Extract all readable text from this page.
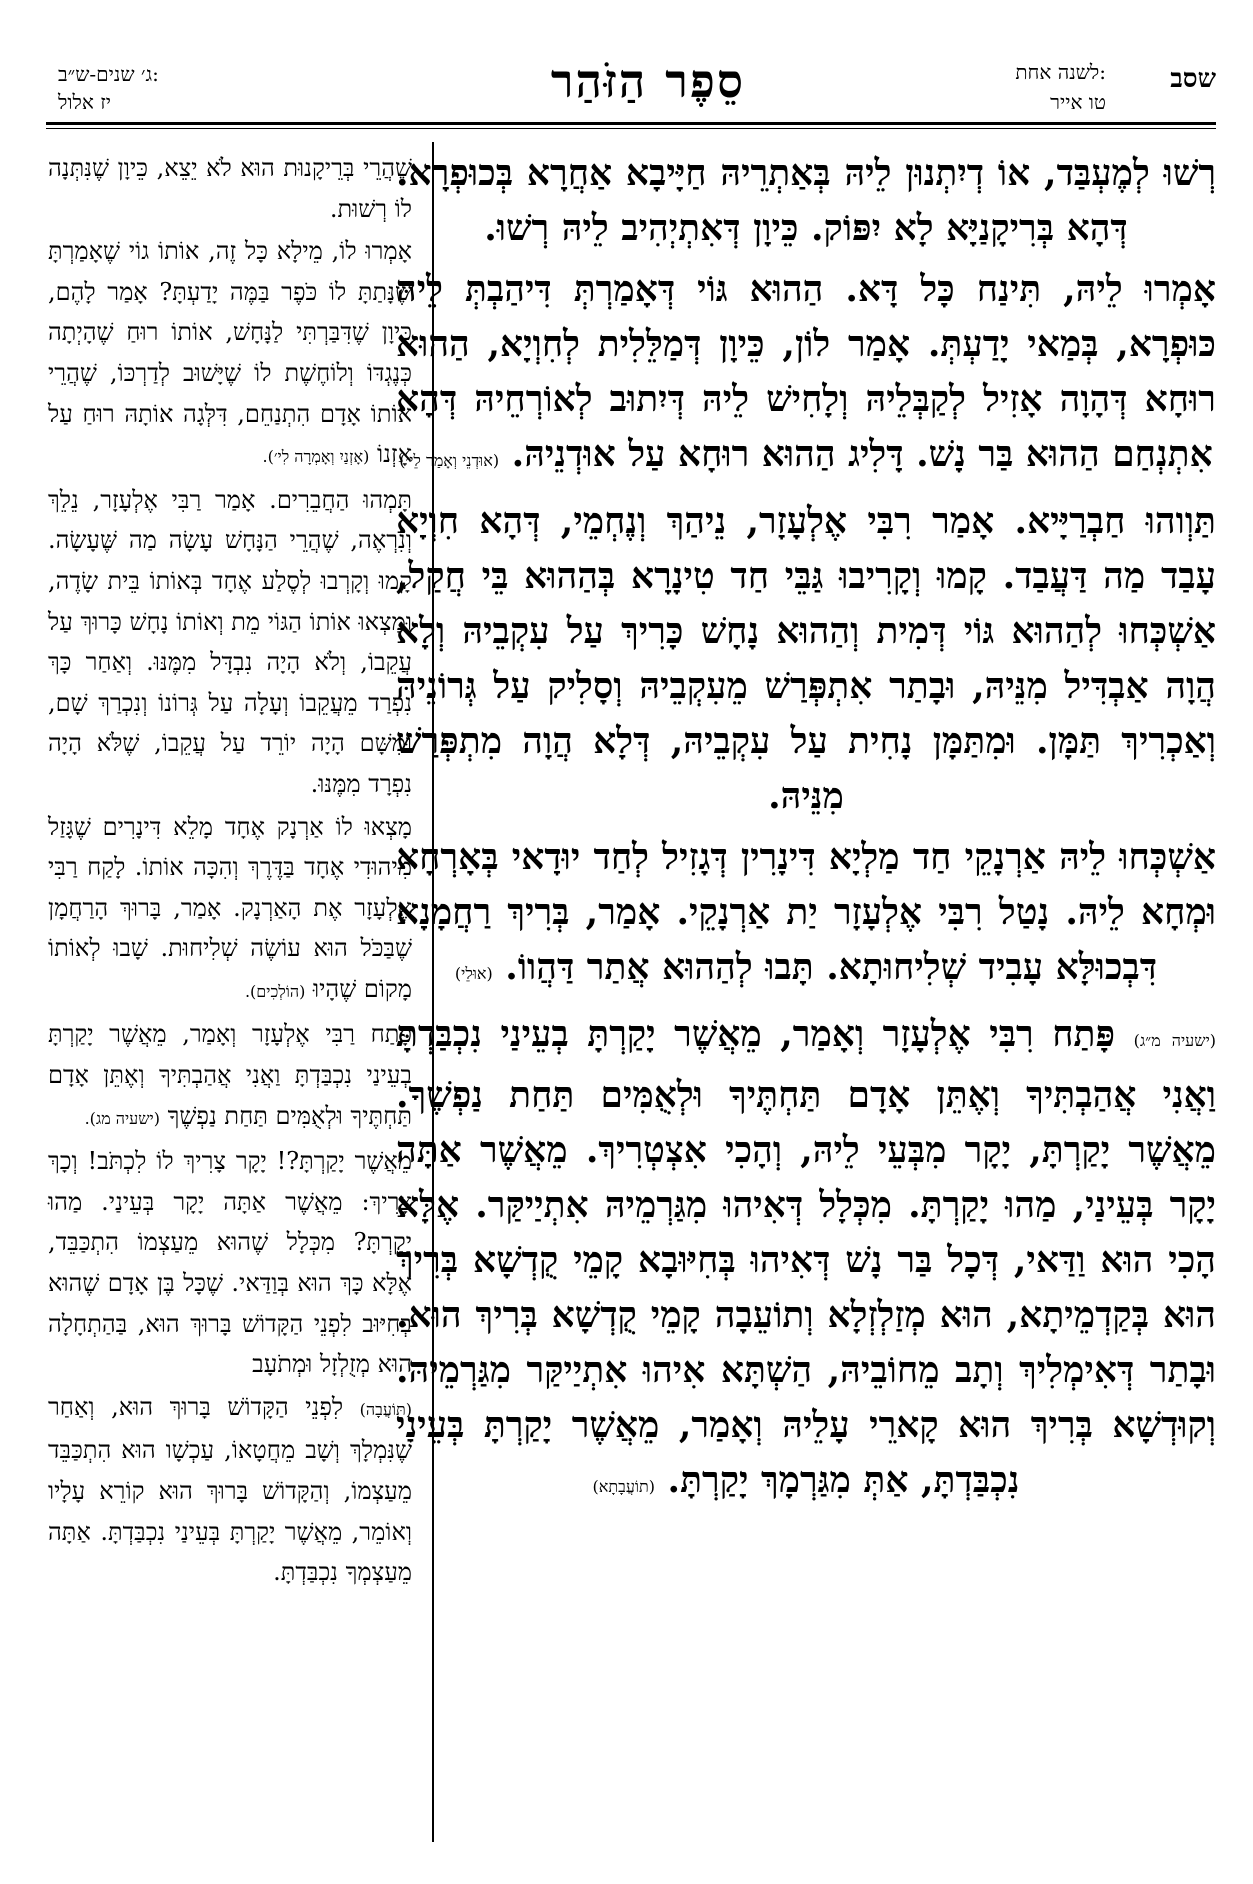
שסב
לשנה אחת:
טו אייר
סֵפֶר הַזֹּהַר
ג׳ שנים-ש״ב:
יז אלול

רְשׁוּ לְמֶעְבַּד, אוֹ דְיִתְנוּן לֵיהּ בְּאַתְרֵיהּ חַיָּיבָא אַחֲרָא בְּכוּפְרָא. דְּהָא בְּרִיקָנַיָּא לָא יִפּוֹק. כֵּיוָן דְּאִתְיְהִיב לֵיהּ רְשׁוּ.

אָמְרוּ לֵיהּ, תִּינַח כָּל דָּא. הַהוּא גּוֹי דְּאָמַרְתְּ דִּיהַבְתְּ לֵיהּ כּוּפְרָא, בְּמַאי יָדַעְתְּ. אָמַר לוֹן, כֵּיוָן דְּמַלֵּלִית לְחִוְיָא, הַהוּא רוּחָא דְּהָוָה אָזִיל לְקַבְּלֵיהּ וְלָחִישׁ לֵיהּ דְּיִתוּב לְאוֹרְחֵיהּ דְּהָא אִתְנְחַם הַהוּא בַּר נָשׁ. דָּלִיג הַהוּא רוּחָא עַל אוּדְנֵיהּ. (אוּדְנֵי וְאָמַר לֵי׳)

תַּוְוהוּ חַבְרַיָּיא. אָמַר רִבִּי אֶלְעָזָר, נֵיהַךְ וְנֶחְמֵי, דְּהָא חִוְיָא עָבַד מַה דַּעֲבַד. קָמוּ וְקָרִיבוּ גַּבֵּי חַד טִינָרָא בְּהַהוּא בֵּי חֲקַל, אַשְׁכְּחוּ לְהַהוּא גּוֹי דְּמִית וְהַהוּא נָחָשׁ כָּרִיךְ עַל עִקְבֵיהּ וְלָא הֲוָה אַבְדִּיל מִנֵּיהּ, וּבָתַר אִתְפְּרַשׁ מֵעִקְבֵיהּ וְסָלִיק עַל גְּרוֹנֵיהּ וְאַכְרִיךְ תַּמָּן. וּמִתַּמָּן נָחִית עַל עִקְבֵיהּ, דְּלָא הֲוָה מִתְפְּרַשׁ מִנֵּיהּ.

אַשְׁכְּחוּ לֵיהּ אַרְנָקֵי חַד מַלְיָא דִּינָרִין דְּגָזִיל לְחַד יוּדָאי בְּאָרְחָא וּמְחָא לֵיהּ. נָטַל רִבִּי אֶלְעָזָר יַת אַרְנָקֵי. אָמַר, בְּרִיךְ רַחֲמָנָא דִּבְכוּלָּא עָבִיד שְׁלִיחוּתָא. תָּבוּ לְהַהוּא אֲתַר דַּהֲווֹ. (אוּלֵי)

(ישעיה מ״ג) פָּתַח רִבִּי אֶלְעָזָר וְאָמַר, מֵאֲשֶׁר יָקַרְתָּ בְעֵינַי נִכְבַּדְתָּ וַאֲנִי אֲהַבְתִּיךָ וְאֶתֵּן אָדָם תַּחְתֶּיךָ וּלְאֻמִּים תַּחַת נַפְשֶׁךָ. מֵאֲשֶׁר יָקַרְתָּ, יָקָר מִבְּעֵי לֵיהּ, וְהָכִי אִצְטְרִיךְ. מֵאֲשֶׁר אַתָּה יָקָר בְּעֵינַי, מַהוּ יָקַרְתָּ. מִכְּלָל דְּאִיהוּ מִגַּרְמֵיהּ אִתְיַיקַּר. אֶלָּא הָכִי הוּא וַדַּאי, דְּכָל בַּר נָשׁ דְּאִיהוּ בְּחִיּוּבָא קָמֵי קֻדְשָׁא בְּרִיךְ הוּא בְּקַדְמֵיתָא, הוּא מְזַלְזְלָא וְתוֹעֵבָה קָמֵי קֻדְשָׁא בְּרִיךְ הוּא. וּבָתַר דְּאִימְלִיךְ וְתָב מֵחוֹבֵיהּ, הַשְׁתָּא אִיהוּ אִתְיַיקַּר מִגַּרְמֵיהּ. וְקוּדְשָׁא בְּרִיךְ הוּא קָארֵי עָלֵיהּ וְאָמַר, מֵאֲשֶׁר יָקַרְתָּ בְּעֵינַי נִכְבַּדְתָּ, אַתְּ מִגַּרְמָךְ יָקַרְתָּ. (תוֹעֲבָתָא)

שֶׁהֲרֵי בְּרֵיקָנוּת הוּא לֹא יֵצֵא, כֵּיוָן שֶׁנִּתְּנָה לוֹ רְשׁוּת.

אָמְרוּ לוֹ, מֵילָא כָּל זֶה, אוֹתוֹ גוֹי שֶׁאָמַרְתָּ שֶׁנָּתַתָּ לוֹ כֹּפֶר בַּמֶּה יָדַעְתָּ? אָמַר לָהֶם, כֵּיוָן שֶׁדִּבַּרְתִּי לַנָּחָשׁ, אוֹתוֹ רוּחַ שֶׁהָיְתָה כְּנֶגְדּוֹ וְלוֹחֶשֶׁת לוֹ שֶׁיָּשׁוּב לְדַרְכּוֹ, שֶׁהֲרֵי אוֹתוֹ אָדָם הִתְנַחֵם, דִּלְּגָה אוֹתָהּ רוּחַ עַל אָזְנוֹ (אָזְנַיִ וְאָמְרָה לִי׳).

תָּמְהוּ הַחֲבֵרִים. אָמַר רַבִּי אֶלְעָזָר, נֵלֵךְ וְנִרְאֶה, שֶׁהֲרֵי הַנָּחָשׁ עָשָׂה מַה שֶּׁעָשָׂה. קָמוּ וְקָרְבוּ לְסֶלַע אֶחָד בְּאוֹתוֹ בֵּית שָׂדֶה, וּמָצְאוּ אוֹתוֹ הַגּוֹי מֵת וְאוֹתוֹ נָחָשׁ כָּרוּךְ עַל עֲקֵבוֹ, וְלֹא הָיָה נִבְדָּל מִמֶּנּוּ. וְאַחַר כָּךְ נִפְרַד מֵעֲקֵבוֹ וְעָלָה עַל גְּרוֹנוֹ וְנִכְרַךְ שָׁם, וּמִשָּׁם הָיָה יוֹרֵד עַל עֲקֵבוֹ, שֶׁלֹּא הָיָה נִפְרָד מִמֶּנּוּ.

מָצְאוּ לוֹ אַרְנָק אֶחָד מָלֵא דִּינָרִים שֶׁגָּזַל מִיהוּדִי אֶחָד בַּדֶּרֶךְ וְהִכָּה אוֹתוֹ. לָקַח רַבִּי אֶלְעָזָר אֶת הָאַרְנָק. אָמַר, בָּרוּךְ הָרַחֲמָן שֶׁבַּכֹּל הוּא עוֹשֶׂה שְׁלִיחוּת. שָׁבוּ לְאוֹתוֹ מָקוֹם שֶׁהָיוּ (הוֹלְכִים).

פָּתַח רַבִּי אֶלְעָזָר וְאָמַר, מֵאֲשֶׁר יָקַרְתָּ בְעֵינַי נִכְבַּדְתָּ וַאֲנִי אֲהַבְתִּיךָ וְאֶתֵּן אָדָם תַּחְתֶּיךָ וּלְאֻמִּים תַּחַת נַפְשֶׁךָ (ישעיה מג).

מֵאֲשֶׁר יָקַרְתָּ?! יָקָר צָרִיךְ לוֹ לִכְתֹּב! וְכָךְ צָרִיךְ: מֵאֲשֶׁר אַתָּה יָקָר בְּעֵינַי. מַהוּ יָקַרְתָּ? מִכְּלָל שֶׁהוּא מֵעַצְמוֹ הִתְכַּבֵּד, אֶלָּא כָּךְ הוּא בְּוַדַּאי. שֶׁכָּל בֶּן אָדָם שֶׁהוּא בְּחִיּוּב לִפְנֵי הַקָּדוֹשׁ בָּרוּךְ הוּא, בַּהַתְחָלָה הוּא מְזֻלְזָל וּמְתֹעָב

(תּוֹעֲבָה) לִפְנֵי הַקָּדוֹשׁ בָּרוּךְ הוּא, וְאַחַר שֶׁנִּמְלָךְ וְשָׁב מֵחֲטָאוֹ, עַכְשָׁו הוּא הִתְכַּבֵּד מֵעַצְמוֹ, וְהַקָּדוֹשׁ בָּרוּךְ הוּא קוֹרֵא עָלָיו וְאוֹמֵר, מֵאֲשֶׁר יָקַרְתָּ בְּעֵינַי נִכְבַּדְתָּ. אַתָּה מֵעַצְמְךָ נִכְבַּדְתָּ.
